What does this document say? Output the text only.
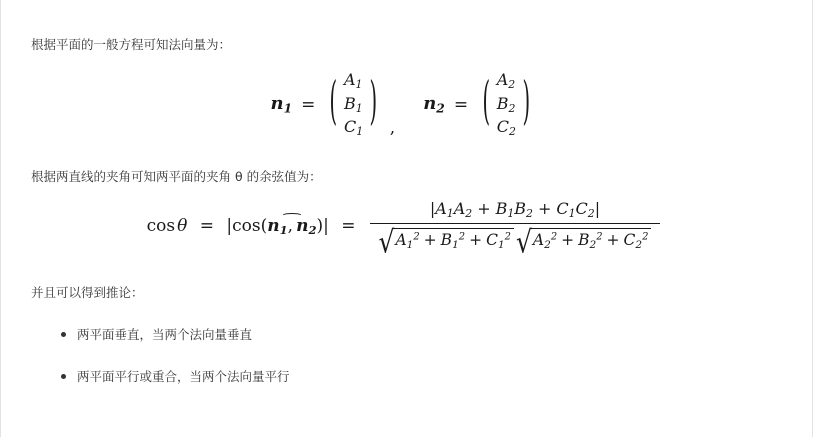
根据平面的一般方程可知法向量为：

n1 = ( $A_1$
$B_1$
$C_1$ ) ,
n2 = ( $A_2$
$B_2$
$C_2$ )

根据两直线的夹角可知两平面的夹角 θ 的余弦值为：

cos θ = |cos(
⌢
n1, n2)| =
$|A_1A_2 + B_1B_2 + C_1C_2|$
√ $A_1^2 + B_1^2 + C_1^2$ √ $A_2^2 + B_2^2 + C_2^2$

并且可以得到推论：

两平面垂直，当两个法向量垂直
两平面平行或重合，当两个法向量平行
